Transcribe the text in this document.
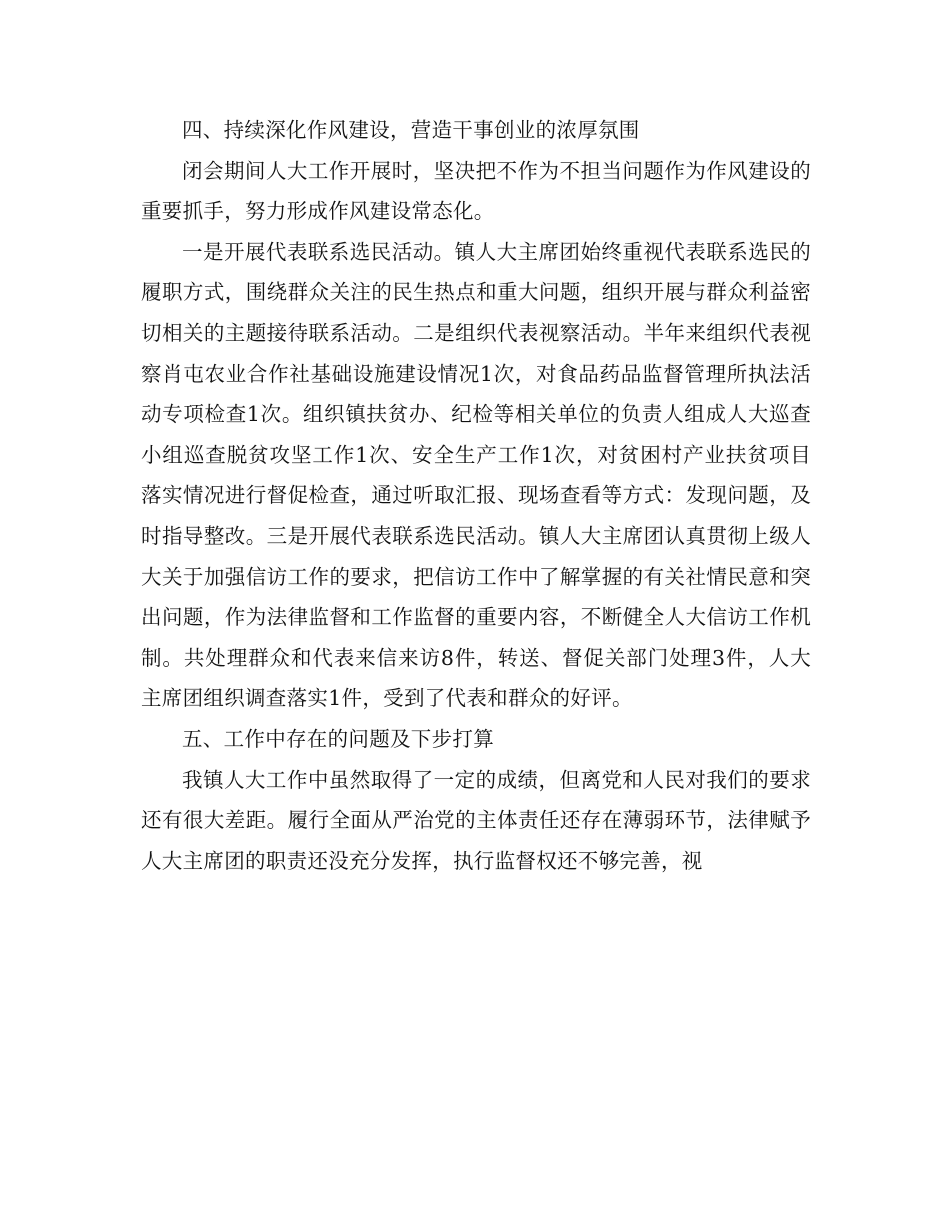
四、持续深化作风建设，营造干事创业的浓厚氛围

闭会期间人大工作开展时，坚决把不作为不担当问题作为作风建设的重要抓手，努力形成作风建设常态化。

一是开展代表联系选民活动。镇人大主席团始终重视代表联系选民的履职方式，围绕群众关注的民生热点和重大问题，组织开展与群众利益密切相关的主题接待联系活动。二是组织代表视察活动。半年来组织代表视察肖屯农业合作社基础设施建设情况1次，对食品药品监督管理所执法活动专项检查1次。组织镇扶贫办、纪检等相关单位的负责人组成人大巡查小组巡查脱贫攻坚工作1次、安全生产工作1次，对贫困村产业扶贫项目落实情况进行督促检查，通过听取汇报、现场查看等方式：发现问题，及时指导整改。三是开展代表联系选民活动。镇人大主席团认真贯彻上级人大关于加强信访工作的要求，把信访工作中了解掌握的有关社情民意和突出问题，作为法律监督和工作监督的重要内容，不断健全人大信访工作机制。共处理群众和代表来信来访8件，转送、督促关部门处理3件，人大主席团组织调查落实1件，受到了代表和群众的好评。

五、工作中存在的问题及下步打算

我镇人大工作中虽然取得了一定的成绩，但离党和人民对我们的要求还有很大差距。履行全面从严治党的主体责任还存在薄弱环节，法律赋予人大主席团的职责还没充分发挥，执行监督权还不够完善，视
